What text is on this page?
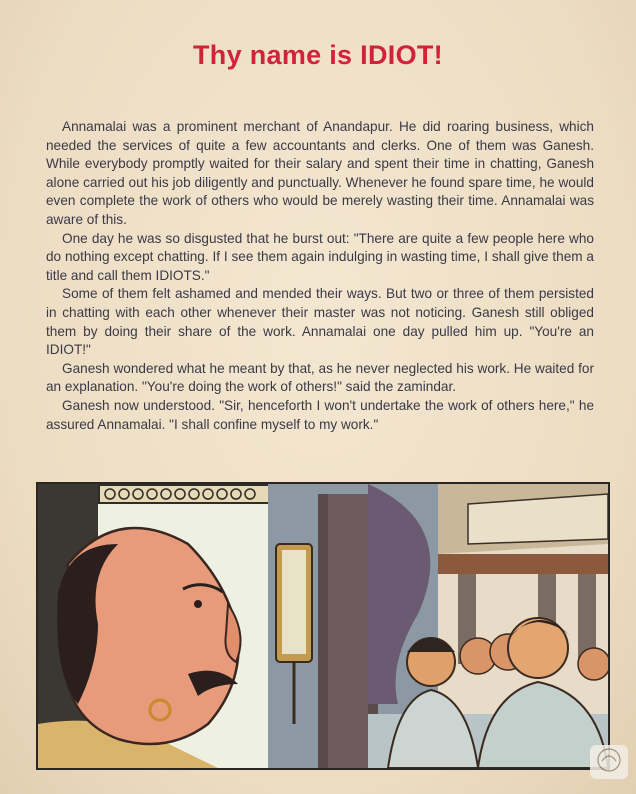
Thy name is IDIOT!

Annamalai was a prominent merchant of Anandapur. He did roaring business, which needed the services of quite a few accountants and clerks. One of them was Ganesh. While everybody promptly waited for their salary and spent their time in chatting, Ganesh alone carried out his job diligently and punctually. Whenever he found spare time, he would even complete the work of others who would be merely wasting their time. Annamalai was aware of this.

One day he was so disgusted that he burst out: "There are quite a few people here who do nothing except chatting. If I see them again indulging in wasting time, I shall give them a title and call them IDIOTS."

Some of them felt ashamed and mended their ways. But two or three of them persisted in chatting with each other whenever their master was not noticing. Ganesh still obliged them by doing their share of the work. Annamalai one day pulled him up. "You're an IDIOT!"

Ganesh wondered what he meant by that, as he never neglected his work. He waited for an explanation. "You're doing the work of others!" said the zamindar.

Ganesh now understood. "Sir, henceforth I won't undertake the work of others here," he assured Annamalai. "I shall confine myself to my work."
